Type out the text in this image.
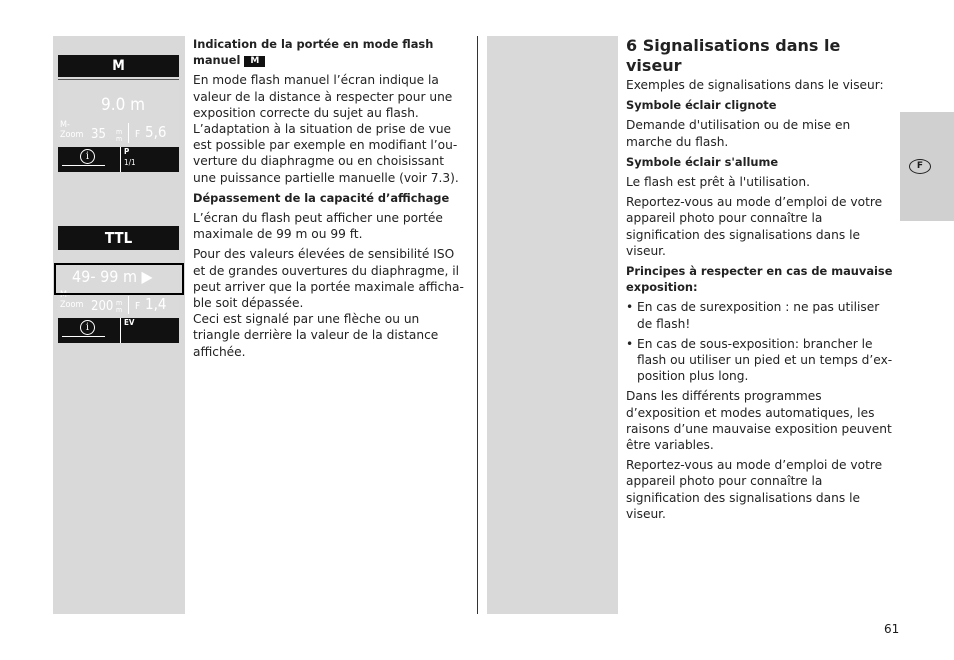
M
9.0 m
M-
Zoom 35 m
m F 5,6
i	P
1/1
TTL
49- 99 m ▶
M-
Zoom 200 m
m F 1,4
i	EV
Indication de la portée en mode flash manuel M

En mode flash manuel l’écran indique la valeur de la distance à respecter pour une exposition correcte du sujet au flash. L’adaptation à la situation de prise de vue est possible par exemple en modifiant l’ou-verture du diaphragme ou en choisissant une puissance partielle manuelle (voir 7.3).

Dépassement de la capacité d’affichage

L’écran du flash peut afficher une portée maximale de 99 m ou 99 ft.

Pour des valeurs élevées de sensibilité ISO et de grandes ouvertures du diaphragme, il peut arriver que la portée maximale afficha-ble soit dépassée.
Ceci est signalé par une flèche ou un triangle derrière la valeur de la distance affichée.

6 Signalisations dans le viseur

Exemples de signalisations dans le viseur:

Symbole éclair clignote

Demande d'utilisation ou de mise en marche du flash.

Symbole éclair s'allume

Le flash est prêt à l'utilisation.

Reportez-vous au mode d’emploi de votre appareil photo pour connaître la signification des signalisations dans le viseur.

Principes à respecter en cas de mauvaise exposition:
• En cas de surexposition : ne pas utiliser de flash!
• En cas de sous-exposition: brancher le flash ou utiliser un pied et un temps d’ex-position plus long.

Dans les différents programmes d’exposition et modes automatiques, les raisons d’une mauvaise exposition peuvent être variables.

Reportez-vous au mode d’emploi de votre appareil photo pour connaître la signification des signalisations dans le viseur.

F
61
